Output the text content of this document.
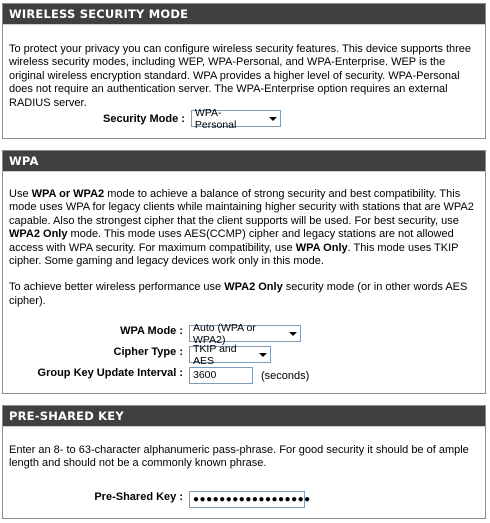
WIRELESS SECURITY MODE

To protect your privacy you can configure wireless security features. This device supports three wireless security modes, including WEP, WPA-Personal, and WPA-Enterprise. WEP is the original wireless encryption standard. WPA provides a higher level of security. WPA-Personal does not require an authentication server. The WPA-Enterprise option requires an external RADIUS server.

Security Mode : WPA-Personal
WPA

Use WPA or WPA2 mode to achieve a balance of strong security and best compatibility. This mode uses WPA for legacy clients while maintaining higher security with stations that are WPA2 capable. Also the strongest cipher that the client supports will be used. For best security, use WPA2 Only mode. This mode uses AES(CCMP) cipher and legacy stations are not allowed access with WPA security. For maximum compatibility, use WPA Only. This mode uses TKIP cipher. Some gaming and legacy devices work only in this mode.

To achieve better wireless performance use WPA2 Only security mode (or in other words AES cipher).

WPA Mode : Auto (WPA or WPA2)
Cipher Type : TKIP and AES
Group Key Update Interval : 3600	(seconds)
PRE-SHARED KEY

Enter an 8- to 63-character alphanumeric pass-phrase. For good security it should be of ample length and should not be a commonly known phrase.

Pre-Shared Key :	●●●●●●●●●●●●●●●●●●
